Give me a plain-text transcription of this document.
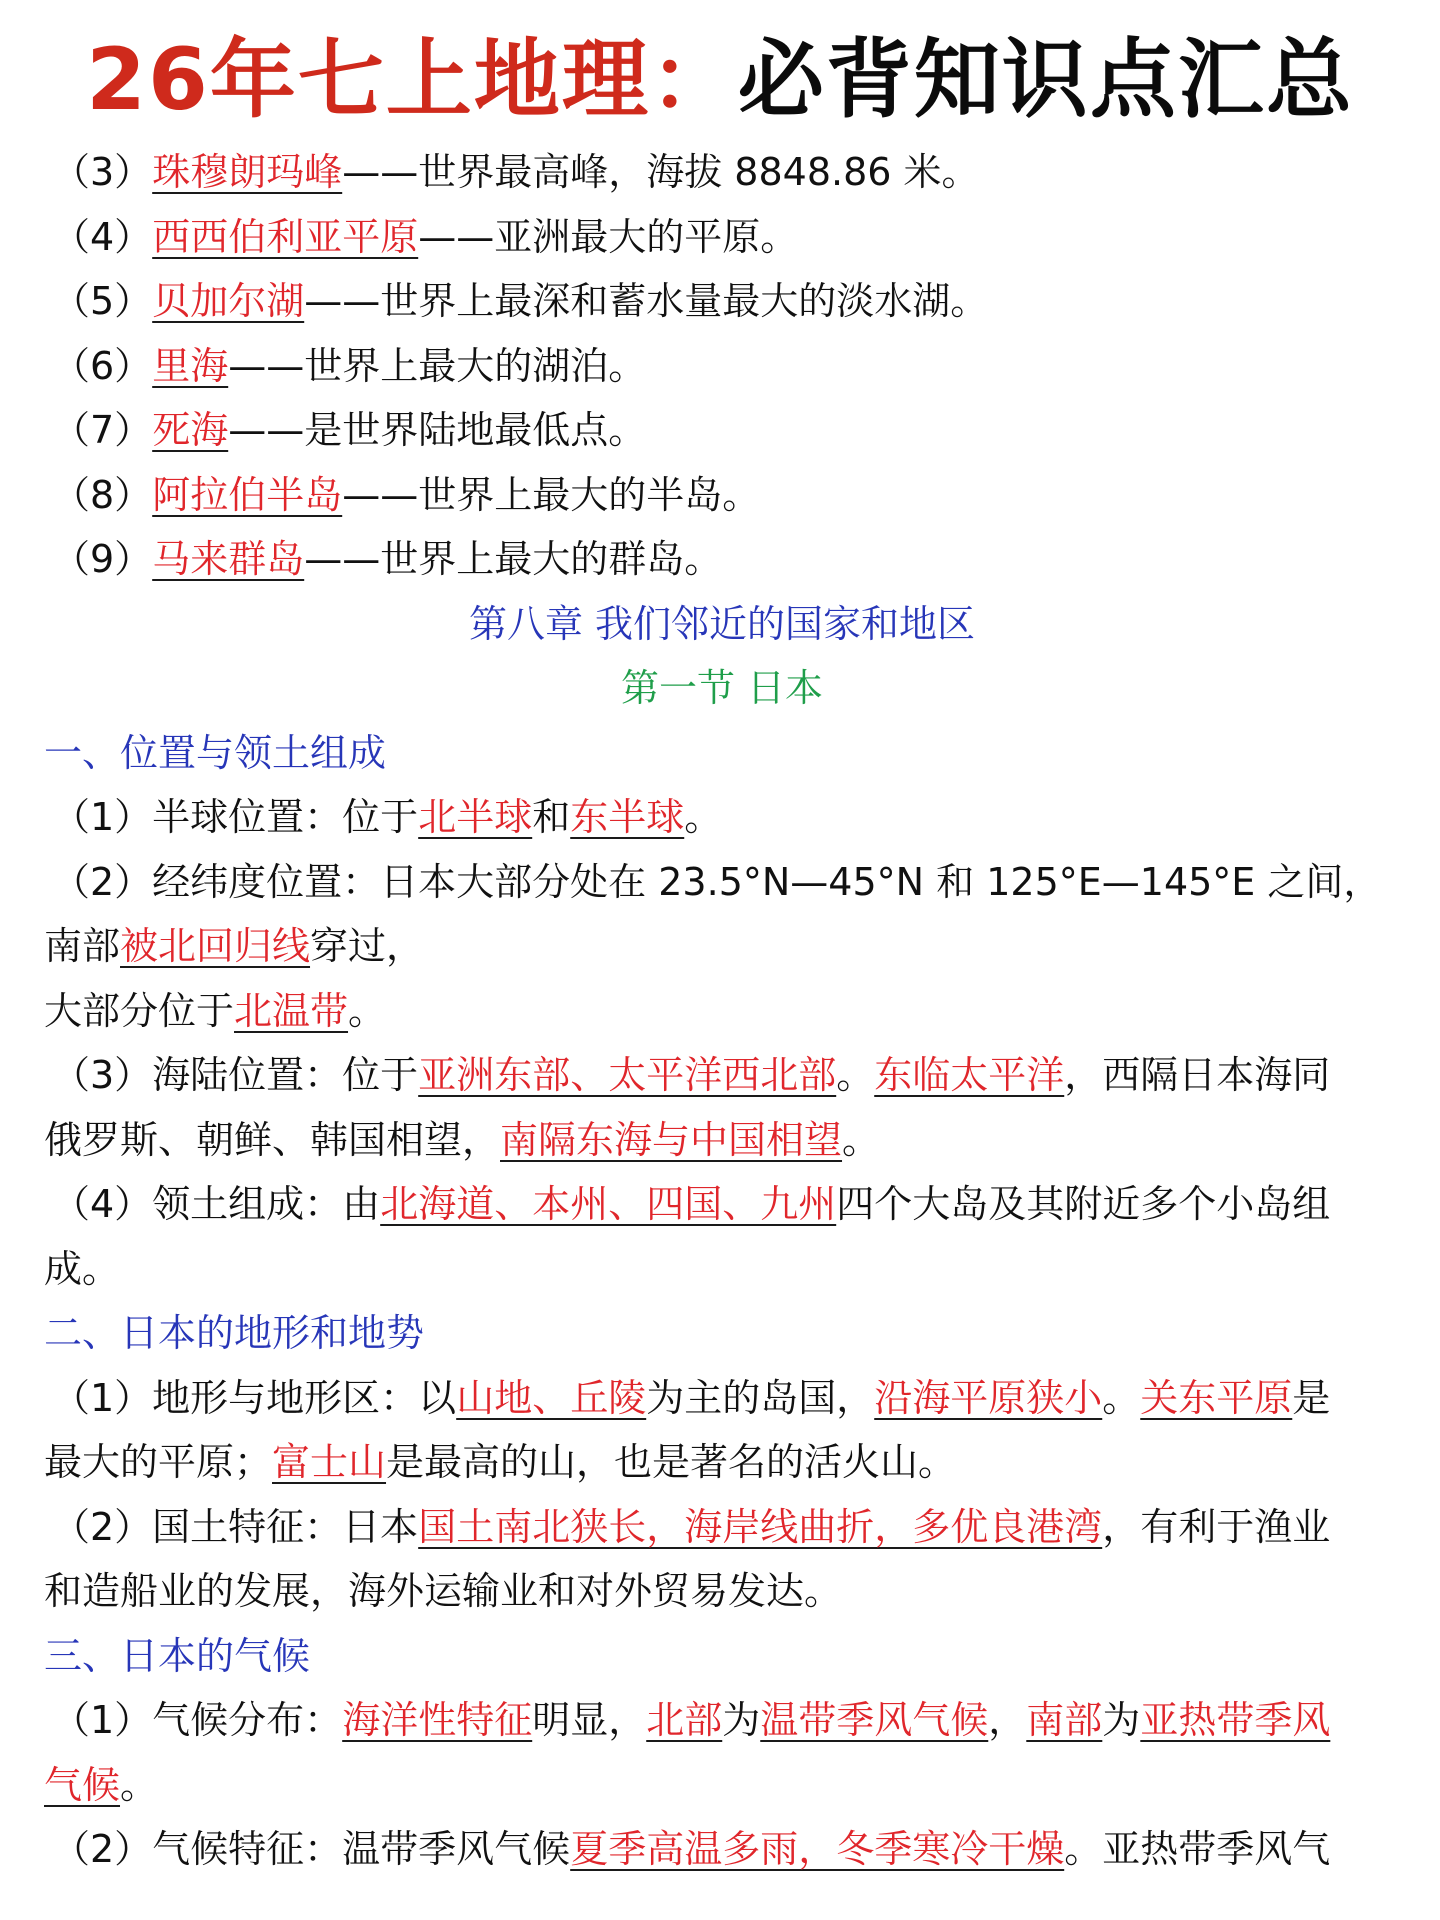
26年七上地理：必背知识点汇总
（3）珠穆朗玛峰——世界最高峰，海拔 8848.86 米。
（4）西西伯利亚平原——亚洲最大的平原。
（5）贝加尔湖——世界上最深和蓄水量最大的淡水湖。
（6）里海——世界上最大的湖泊。
（7）死海——是世界陆地最低点。
（8）阿拉伯半岛——世界上最大的半岛。
（9）马来群岛——世界上最大的群岛。
第八章 我们邻近的国家和地区
第一节 日本
一、位置与领土组成
（1）半球位置：位于北半球和东半球。
（2）经纬度位置：日本大部分处在 23.5°N—45°N 和 125°E—145°E 之间，
南部被北回归线穿过，
大部分位于北温带。
（3）海陆位置：位于亚洲东部、太平洋西北部。东临太平洋，西隔日本海同
俄罗斯、朝鲜、韩国相望，南隔东海与中国相望。
（4）领土组成：由北海道、本州、四国、九州四个大岛及其附近多个小岛组
成。
二、日本的地形和地势
（1）地形与地形区：以山地、丘陵为主的岛国，沿海平原狭小。关东平原是
最大的平原；富士山是最高的山，也是著名的活火山。
（2）国土特征：日本国土南北狭长，海岸线曲折，多优良港湾，有利于渔业
和造船业的发展，海外运输业和对外贸易发达。
三、日本的气候
（1）气候分布：海洋性特征明显，北部为温带季风气候，南部为亚热带季风
气候。
（2）气候特征：温带季风气候夏季高温多雨，冬季寒冷干燥。亚热带季风气
